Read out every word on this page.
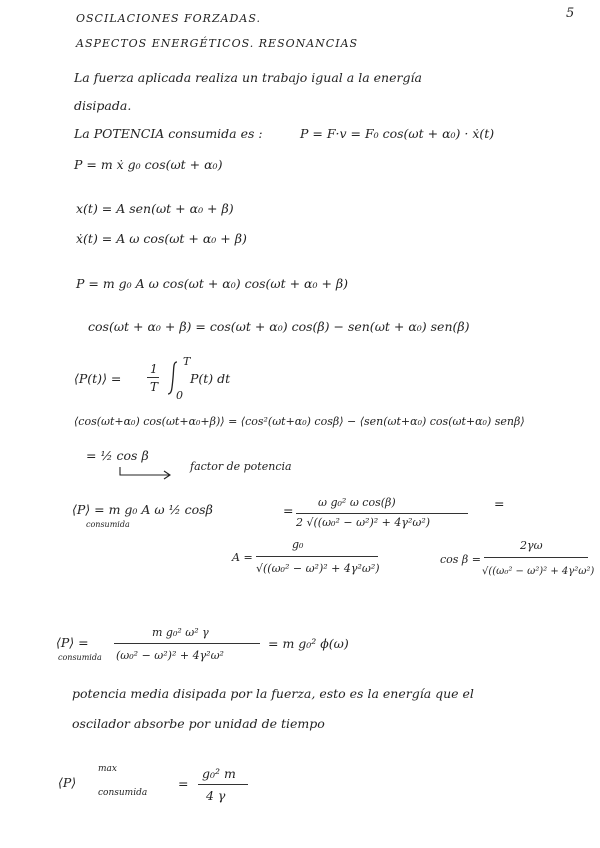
5
OSCILACIONES FORZADAS.
ASPECTOS ENERGÉTICOS. RESONANCIAS
La fuerza aplicada realiza un trabajo igual a la energía
disipada.
La POTENCIA consumida es :	P = F·v = F₀ cos(ωt + α₀) · ẋ(t)
P = m ẋ g₀ cos(ωt + α₀)
x(t) = A sen(ωt + α₀ + β)
ẋ(t) = A ω cos(ωt + α₀ + β)
P = m g₀ A ω cos(ωt + α₀) cos(ωt + α₀ + β)
cos(ωt + α₀ + β) = cos(ωt + α₀) cos(β) − sen(ωt + α₀) sen(β)
⟨P(t)⟩ =
1
T
T
0
P(t) dt
⟨cos(ωt+α₀) cos(ωt+α₀+β)⟩ = ⟨cos²(ωt+α₀) cosβ⟩ − ⟨sen(ωt+α₀) cos(ωt+α₀) senβ⟩
= ½ cos β
factor de potencia
⟨P⟩ = m g₀ A ω ½ cosβ
consumida
=
ω g₀² ω cos(β)
2 √((ω₀² − ω²)² + 4γ²ω²)
=
A =
g₀
√((ω₀² − ω²)² + 4γ²ω²)
cos β =
2γω
√((ω₀² − ω²)² + 4γ²ω²)
⟨P⟩ =
consumida
m g₀² ω² γ
(ω₀² − ω²)² + 4γ²ω²
= m g₀² ϕ(ω)
potencia media disipada por la fuerza, esto es la energía que el
oscilador absorbe por unidad de tiempo
⟨P⟩
max
consumida
=
g₀² m
4 γ
